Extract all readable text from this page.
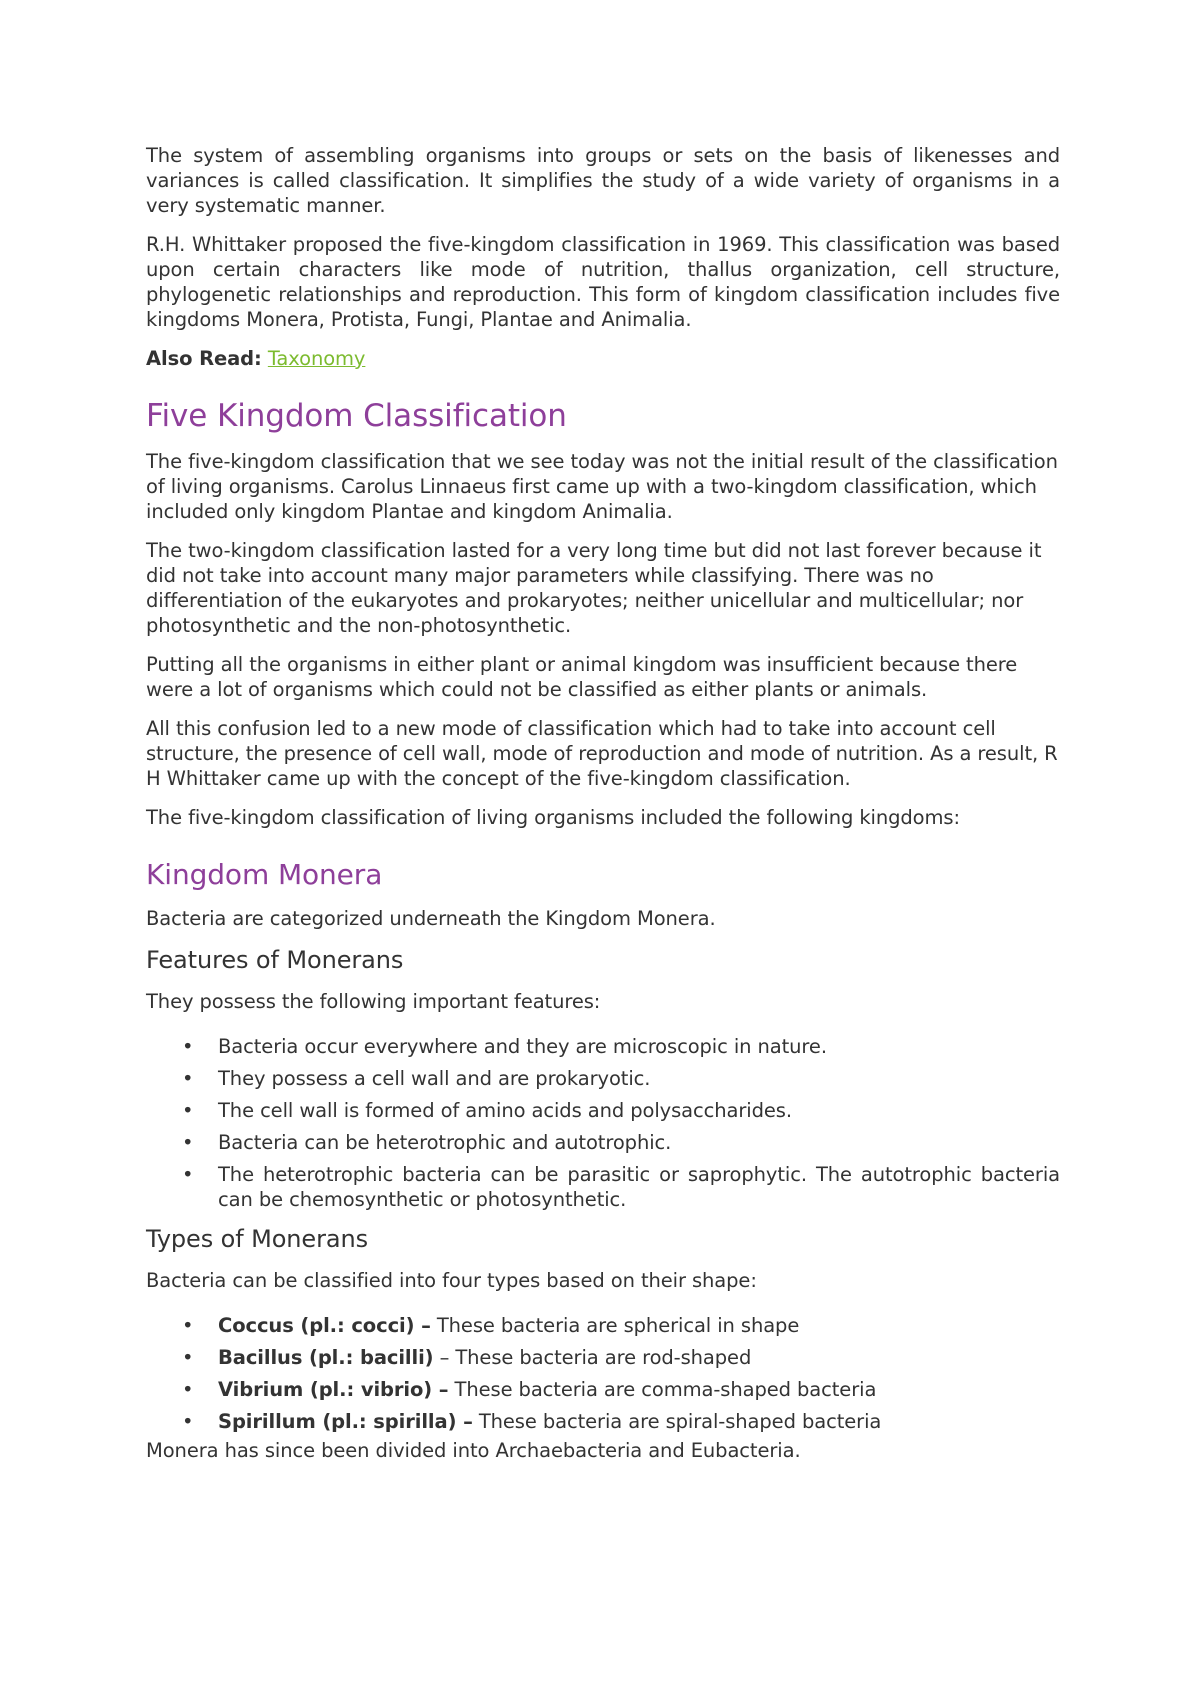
The system of assembling organisms into groups or sets on the basis of likenesses and variances is called classification. It simplifies the study of a wide variety of organisms in a very systematic manner.

R.H. Whittaker proposed the five-kingdom classification in 1969. This classification was based upon certain characters like mode of nutrition, thallus organization, cell structure, phylogenetic relationships and reproduction. This form of kingdom classification includes five kingdoms Monera, Protista, Fungi, Plantae and Animalia.

Also Read: Taxonomy

Five Kingdom Classification

The five-kingdom classification that we see today was not the initial result of the classification of living organisms. Carolus Linnaeus first came up with a two-kingdom classification, which included only kingdom Plantae and kingdom Animalia.

The two-kingdom classification lasted for a very long time but did not last forever because it did not take into account many major parameters while classifying. There was no differentiation of the eukaryotes and prokaryotes; neither unicellular and multicellular; nor photosynthetic and the non-photosynthetic.

Putting all the organisms in either plant or animal kingdom was insufficient because there were a lot of organisms which could not be classified as either plants or animals.

All this confusion led to a new mode of classification which had to take into account cell structure, the presence of cell wall, mode of reproduction and mode of nutrition. As a result, R H Whittaker came up with the concept of the five-kingdom classification.

The five-kingdom classification of living organisms included the following kingdoms:

Kingdom Monera

Bacteria are categorized underneath the Kingdom Monera.

Features of Monerans

They possess the following important features:

• Bacteria occur everywhere and they are microscopic in nature.
• They possess a cell wall and are prokaryotic.
• The cell wall is formed of amino acids and polysaccharides.
• Bacteria can be heterotrophic and autotrophic.
• The heterotrophic bacteria can be parasitic or saprophytic. The autotrophic bacteria can be chemosynthetic or photosynthetic.
Types of Monerans

Bacteria can be classified into four types based on their shape:

• Coccus (pl.: cocci) – These bacteria are spherical in shape
• Bacillus (pl.: bacilli) – These bacteria are rod-shaped
• Vibrium (pl.: vibrio) – These bacteria are comma-shaped bacteria
• Spirillum (pl.: spirilla) – These bacteria are spiral-shaped bacteria

Monera has since been divided into Archaebacteria and Eubacteria.
